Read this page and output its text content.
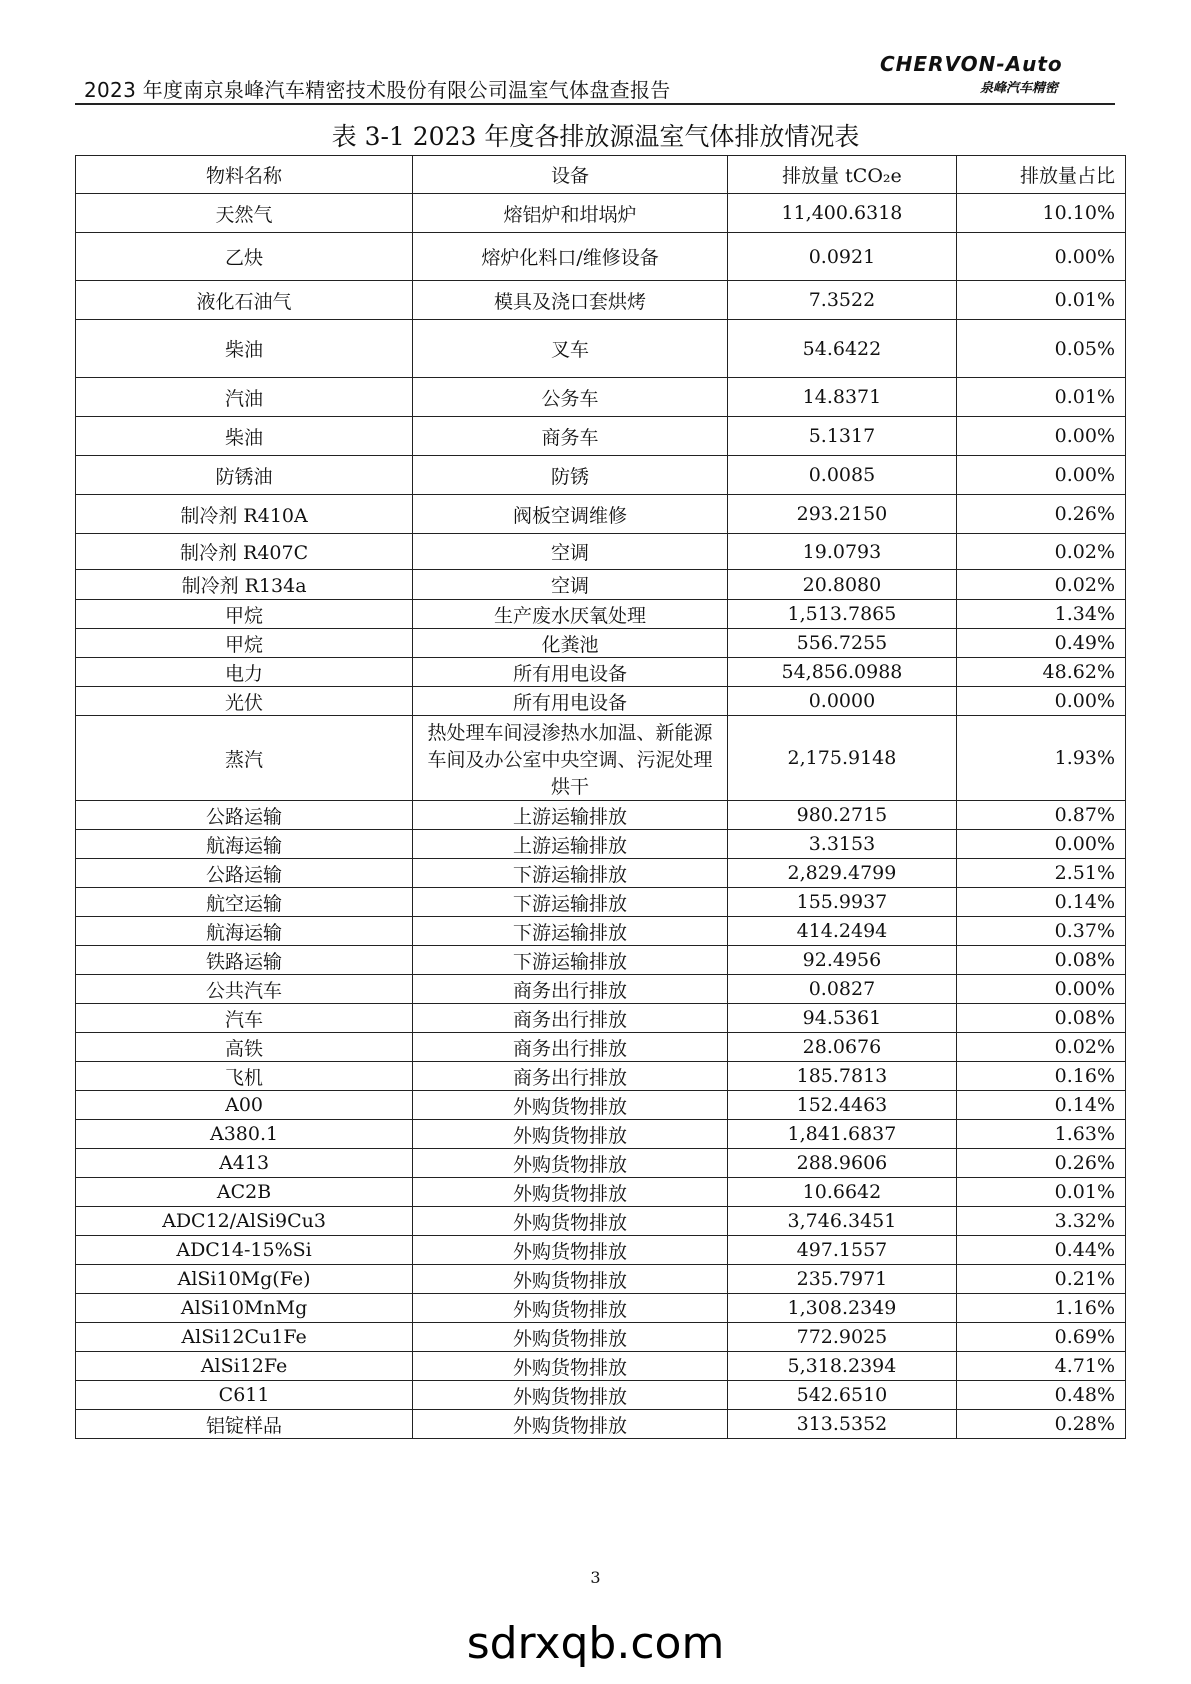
2023 年度南京泉峰汽车精密技术股份有限公司温室气体盘查报告
CHERVON-Auto
泉峰汽车精密
表 3-1 2023 年度各排放源温室气体排放情况表
物料名称	设备	排放量 tCO₂e	排放量占比
天然气	熔铝炉和坩埚炉	11,400.6318	10.10%
乙炔	熔炉化料口/维修设备	0.0921	0.00%
液化石油气	模具及浇口套烘烤	7.3522	0.01%
柴油	叉车	54.6422	0.05%
汽油	公务车	14.8371	0.01%
柴油	商务车	5.1317	0.00%
防锈油	防锈	0.0085	0.00%
制冷剂 R410A	阀板空调维修	293.2150	0.26%
制冷剂 R407C	空调	19.0793	0.02%
制冷剂 R134a	空调	20.8080	0.02%
甲烷	生产废水厌氧处理	1,513.7865	1.34%
甲烷	化粪池	556.7255	0.49%
电力	所有用电设备	54,856.0988	48.62%
光伏	所有用电设备	0.0000	0.00%
蒸汽	热处理车间浸渗热水加温、新能源车间及办公室中央空调、污泥处理烘干	2,175.9148	1.93%
公路运输	上游运输排放	980.2715	0.87%
航海运输	上游运输排放	3.3153	0.00%
公路运输	下游运输排放	2,829.4799	2.51%
航空运输	下游运输排放	155.9937	0.14%
航海运输	下游运输排放	414.2494	0.37%
铁路运输	下游运输排放	92.4956	0.08%
公共汽车	商务出行排放	0.0827	0.00%
汽车	商务出行排放	94.5361	0.08%
高铁	商务出行排放	28.0676	0.02%
飞机	商务出行排放	185.7813	0.16%
A00	外购货物排放	152.4463	0.14%
A380.1	外购货物排放	1,841.6837	1.63%
A413	外购货物排放	288.9606	0.26%
AC2B	外购货物排放	10.6642	0.01%
ADC12/AlSi9Cu3	外购货物排放	3,746.3451	3.32%
ADC14-15%Si	外购货物排放	497.1557	0.44%
AlSi10Mg(Fe)	外购货物排放	235.7971	0.21%
AlSi10MnMg	外购货物排放	1,308.2349	1.16%
AlSi12Cu1Fe	外购货物排放	772.9025	0.69%
AlSi12Fe	外购货物排放	5,318.2394	4.71%
C611	外购货物排放	542.6510	0.48%
铝锭样品	外购货物排放	313.5352	0.28%
3
sdrxqb.com
